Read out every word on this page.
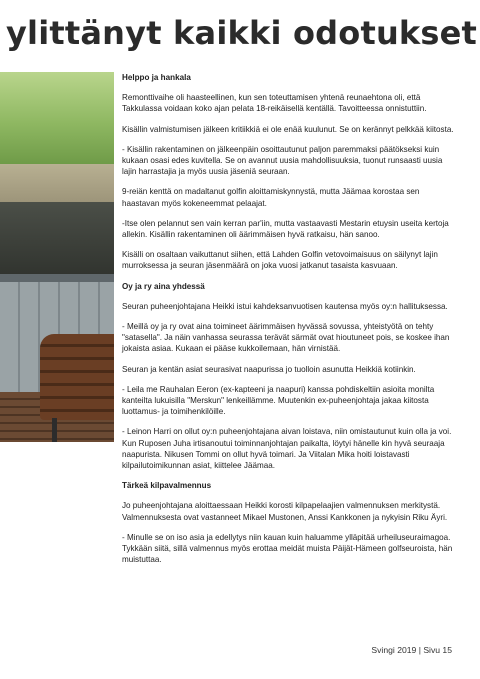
ylittänyt kaikki odotukset
Helppo ja hankala

Remonttivaihe oli haasteellinen, kun sen toteuttamisen yhtenä reunaehtona oli, että Takkulassa voidaan koko ajan pelata 18-reikäisellä kentällä. Tavoitteessa onnistuttiin.

Kisällin valmistumisen jälkeen kritiikkiä ei ole enää kuulunut. Se on kerännyt pelkkää kiitosta.

- Kisällin rakentaminen on jälkeenpäin osoittautunut paljon paremmaksi päätökseksi kuin kukaan osasi edes kuvitella. Se on avannut uusia mahdollisuuksia, tuonut runsaasti uusia lajin harrastajia ja myös uusia jäseniä seuraan.

9-reiän kenttä on madaltanut golfin aloittamiskynnystä, mutta Jäämaa korostaa sen haastavan myös kokeneemmat pelaajat.

-Itse olen pelannut sen vain kerran par'iin, mutta vastaavasti Mestarin etuysin useita kertoja allekin. Kisällin rakentaminen oli äärimmäisen hyvä ratkaisu, hän sanoo.

Kisälli on osaltaan vaikuttanut siihen, että Lahden Golfin vetovoimaisuus on säilynyt lajin murroksessa ja seuran jäsenmäärä on joka vuosi jatkanut tasaista kasvuaan.

Oy ja ry aina yhdessä

Seuran puheenjohtajana Heikki istui kahdeksanvuotisen kautensa myös oy:n hallituksessa.

- Meillä oy ja ry ovat aina toimineet äärimmäisen hyvässä sovussa, yhteistyötä on tehty "satasella". Ja näin vanhassa seurassa terävät särmät ovat hioutuneet pois, se koskee ihan jokaista asiaa. Kukaan ei pääse kukkoilemaan, hän virnistää.

Seuran ja kentän asiat seurasivat naapurissa jo tuolloin asunutta Heikkiä kotiinkin.

- Leila me Rauhalan Eeron (ex-kapteeni ja naapuri) kanssa pohdiskeltiin asioita monilta kanteilta lukuisilla "Merskun" lenkeillämme. Muutenkin ex-puheenjohtaja jakaa kiitosta luottamus- ja toimihenkilöille.

- Leinon Harri on ollut oy:n puheenjohtajana aivan loistava, niin omistautunut kuin olla ja voi. Kun Ruposen Juha irtisanoutui toiminnanjohtajan paikalta, löytyi hänelle kin hyvä seuraaja naapurista. Nikusen Tommi on ollut hyvä toimari. Ja Viitalan Mika hoiti loistavasti kilpailutoimikunnan asiat, kiittelee Jäämaa.

Tärkeä kilpavalmennus

Jo puheenjohtajana aloittaessaan Heikki korosti kilpapelaajien valmennuksen merkitystä. Valmennuksesta ovat vastanneet Mikael Mustonen, Anssi Kankkonen ja nykyisin Riku Äyri.

- Minulle se on iso asia ja edellytys niin kauan kuin haluamme ylläpitää urheiluseuraimagoa. Tykkään siitä, sillä valmennus myös erottaa meidät muista Päijät-Hämeen golfseuroista, hän muistuttaa.

Svingi 2019 | Sivu 15
